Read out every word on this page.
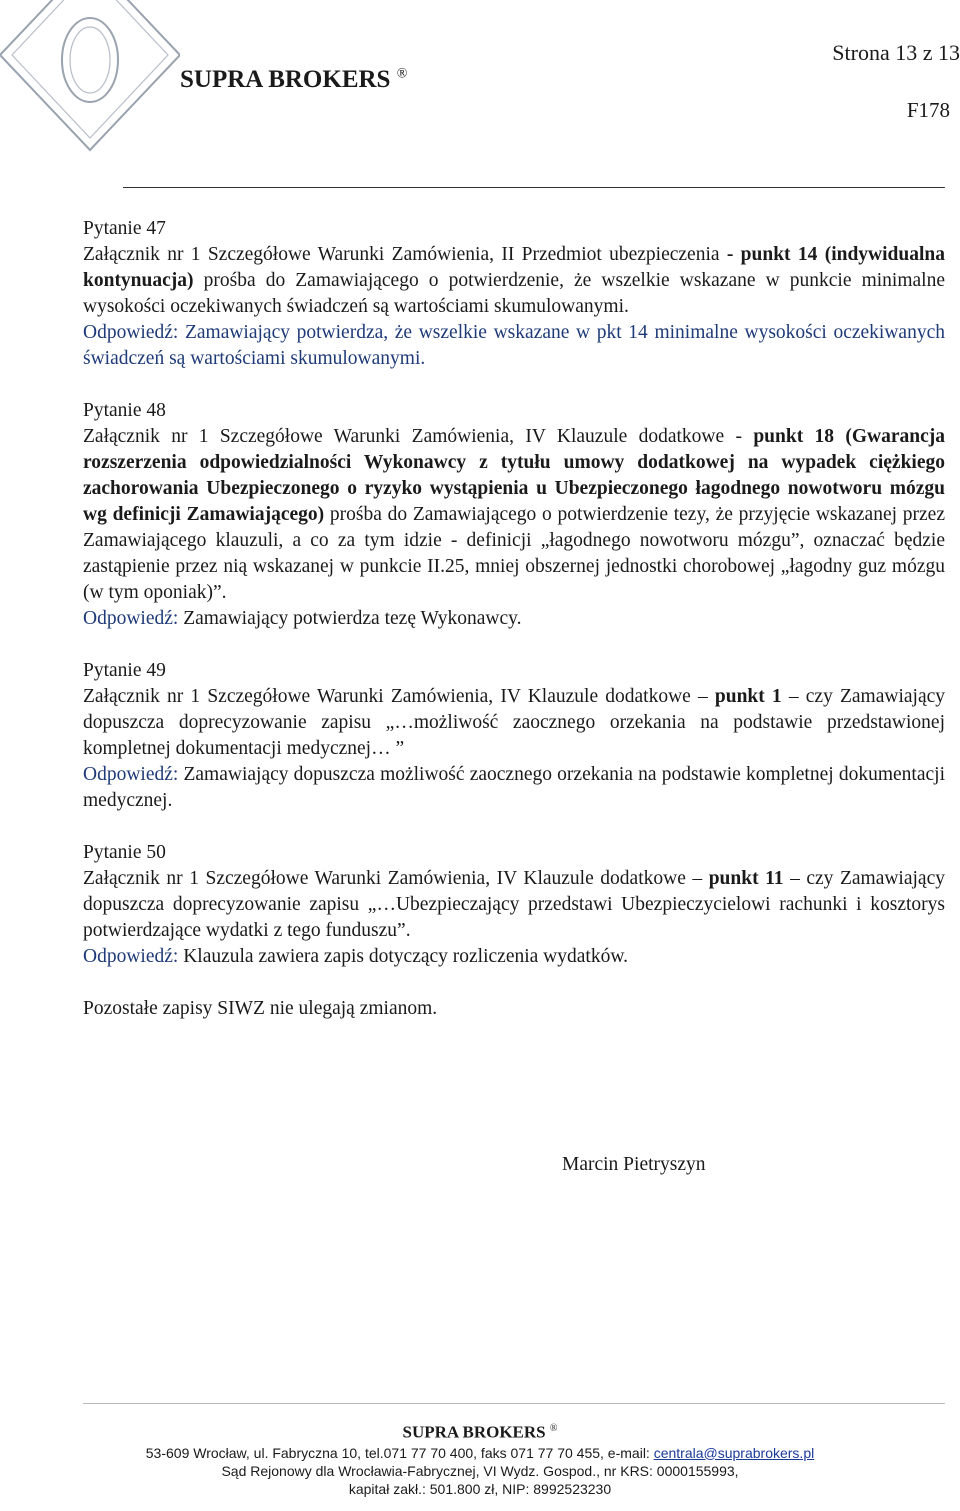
Strona 13 z 13
SUPRA BROKERS ®
F178

Pytanie 47

Załącznik nr 1 Szczegółowe Warunki Zamówienia, II Przedmiot ubezpieczenia - punkt 14 (indywidualna kontynuacja) prośba do Zamawiającego o potwierdzenie, że wszelkie wskazane w punkcie minimalne wysokości oczekiwanych świadczeń są wartościami skumulowanymi.

Odpowiedź: Zamawiający potwierdza, że wszelkie wskazane w pkt 14 minimalne wysokości oczekiwanych świadczeń są wartościami skumulowanymi.

Pytanie 48

Załącznik nr 1 Szczegółowe Warunki Zamówienia, IV Klauzule dodatkowe - punkt 18 (Gwarancja rozszerzenia odpowiedzialności Wykonawcy z tytułu umowy dodatkowej na wypadek ciężkiego zachorowania Ubezpieczonego o ryzyko wystąpienia u Ubezpieczonego łagodnego nowotworu mózgu wg definicji Zamawiającego) prośba do Zamawiającego o potwierdzenie tezy, że przyjęcie wskazanej przez Zamawiającego klauzuli, a co za tym idzie - definicji „łagodnego nowotworu mózgu”, oznaczać będzie zastąpienie przez nią wskazanej w punkcie II.25, mniej obszernej jednostki chorobowej „łagodny guz mózgu (w tym oponiak)”.

Odpowiedź: Zamawiający potwierdza tezę Wykonawcy.

Pytanie 49

Załącznik nr 1 Szczegółowe Warunki Zamówienia, IV Klauzule dodatkowe – punkt 1 – czy Zamawiający dopuszcza doprecyzowanie zapisu „…możliwość zaocznego orzekania na podstawie przedstawionej kompletnej dokumentacji medycznej… ”

Odpowiedź: Zamawiający dopuszcza możliwość zaocznego orzekania na podstawie kompletnej dokumentacji medycznej.

Pytanie 50

Załącznik nr 1 Szczegółowe Warunki Zamówienia, IV Klauzule dodatkowe – punkt 11 – czy Zamawiający dopuszcza doprecyzowanie zapisu „…Ubezpieczający przedstawi Ubezpieczycielowi rachunki i kosztorys potwierdzające wydatki z tego funduszu”.

Odpowiedź: Klauzula zawiera zapis dotyczący rozliczenia wydatków.

Pozostałe zapisy SIWZ nie ulegają zmianom.

Marcin Pietryszyn
SUPRA BROKERS ®
53-609 Wrocław, ul. Fabryczna 10, tel.071 77 70 400, faks 071 77 70 455, e-mail: centrala@suprabrokers.pl
Sąd Rejonowy dla Wrocławia-Fabrycznej, VI Wydz. Gospod., nr KRS: 0000155993,
kapitał zakł.: 501.800 zł, NIP: 8992523230
